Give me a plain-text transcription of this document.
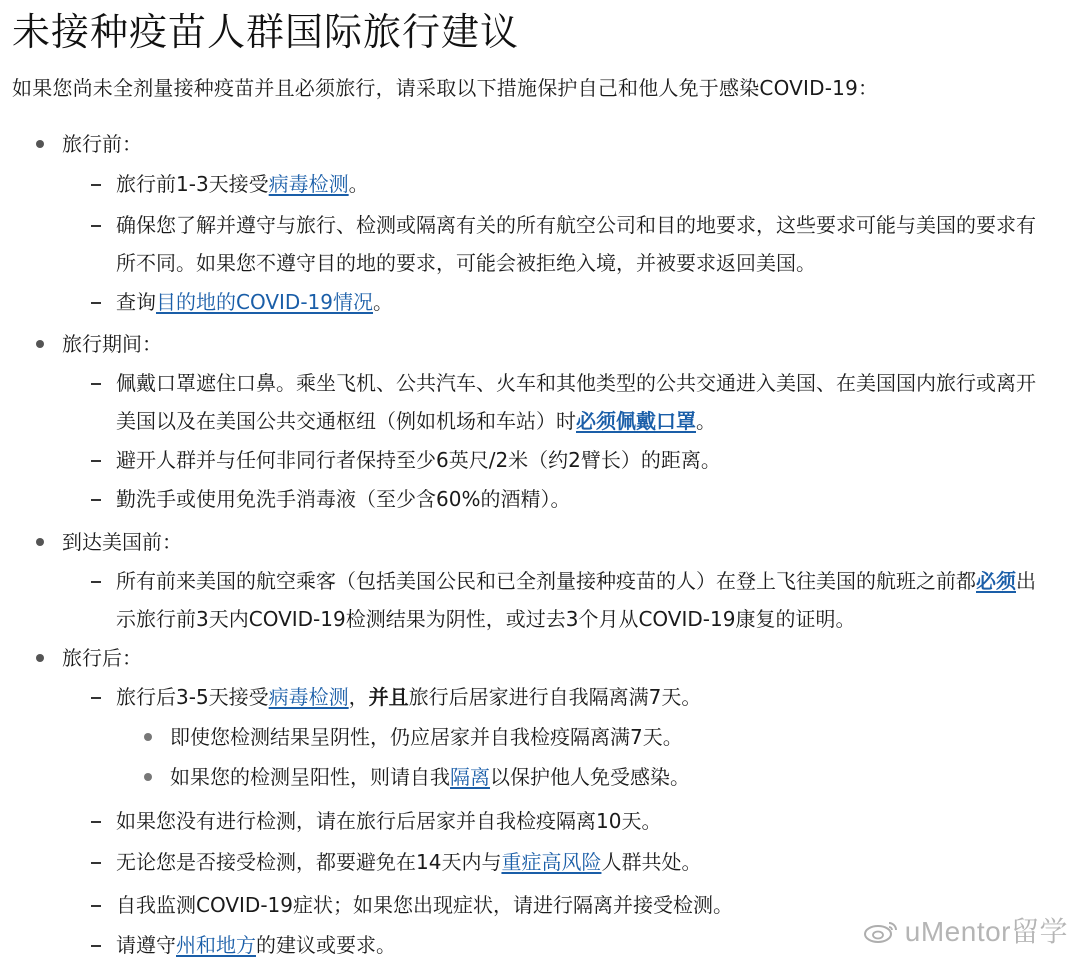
未接种疫苗人群国际旅行建议
如果您尚未全剂量接种疫苗并且必须旅行，请采取以下措施保护自己和他人免于感染COVID-19：
旅行前：
旅行前1-3天接受病毒检测。
确保您了解并遵守与旅行、检测或隔离有关的所有航空公司和目的地要求，这些要求可能与美国的要求有所不同。如果您不遵守目的地的要求，可能会被拒绝入境，并被要求返回美国。
查询目的地的COVID-19情况。
旅行期间：
佩戴口罩遮住口鼻。乘坐飞机、公共汽车、火车和其他类型的公共交通进入美国、在美国国内旅行或离开美国以及在美国公共交通枢纽（例如机场和车站）时必须佩戴口罩。
避开人群并与任何非同行者保持至少6英尺/2米（约2臂长）的距离。
勤洗手或使用免洗手消毒液（至少含60%的酒精）。
到达美国前：
所有前来美国的航空乘客（包括美国公民和已全剂量接种疫苗的人）在登上飞往美国的航班之前都必须出示旅行前3天内COVID-19检测结果为阴性，或过去3个月从COVID-19康复的证明。
旅行后：
旅行后3-5天接受病毒检测，并且旅行后居家进行自我隔离满7天。
即使您检测结果呈阴性，仍应居家并自我检疫隔离满7天。
如果您的检测呈阳性，则请自我隔离以保护他人免受感染。
如果您没有进行检测，请在旅行后居家并自我检疫隔离10天。
无论您是否接受检测，都要避免在14天内与重症高风险人群共处。
自我监测COVID-19症状；如果您出现症状，请进行隔离并接受检测。
请遵守州和地方的建议或要求。	uMentor留学
